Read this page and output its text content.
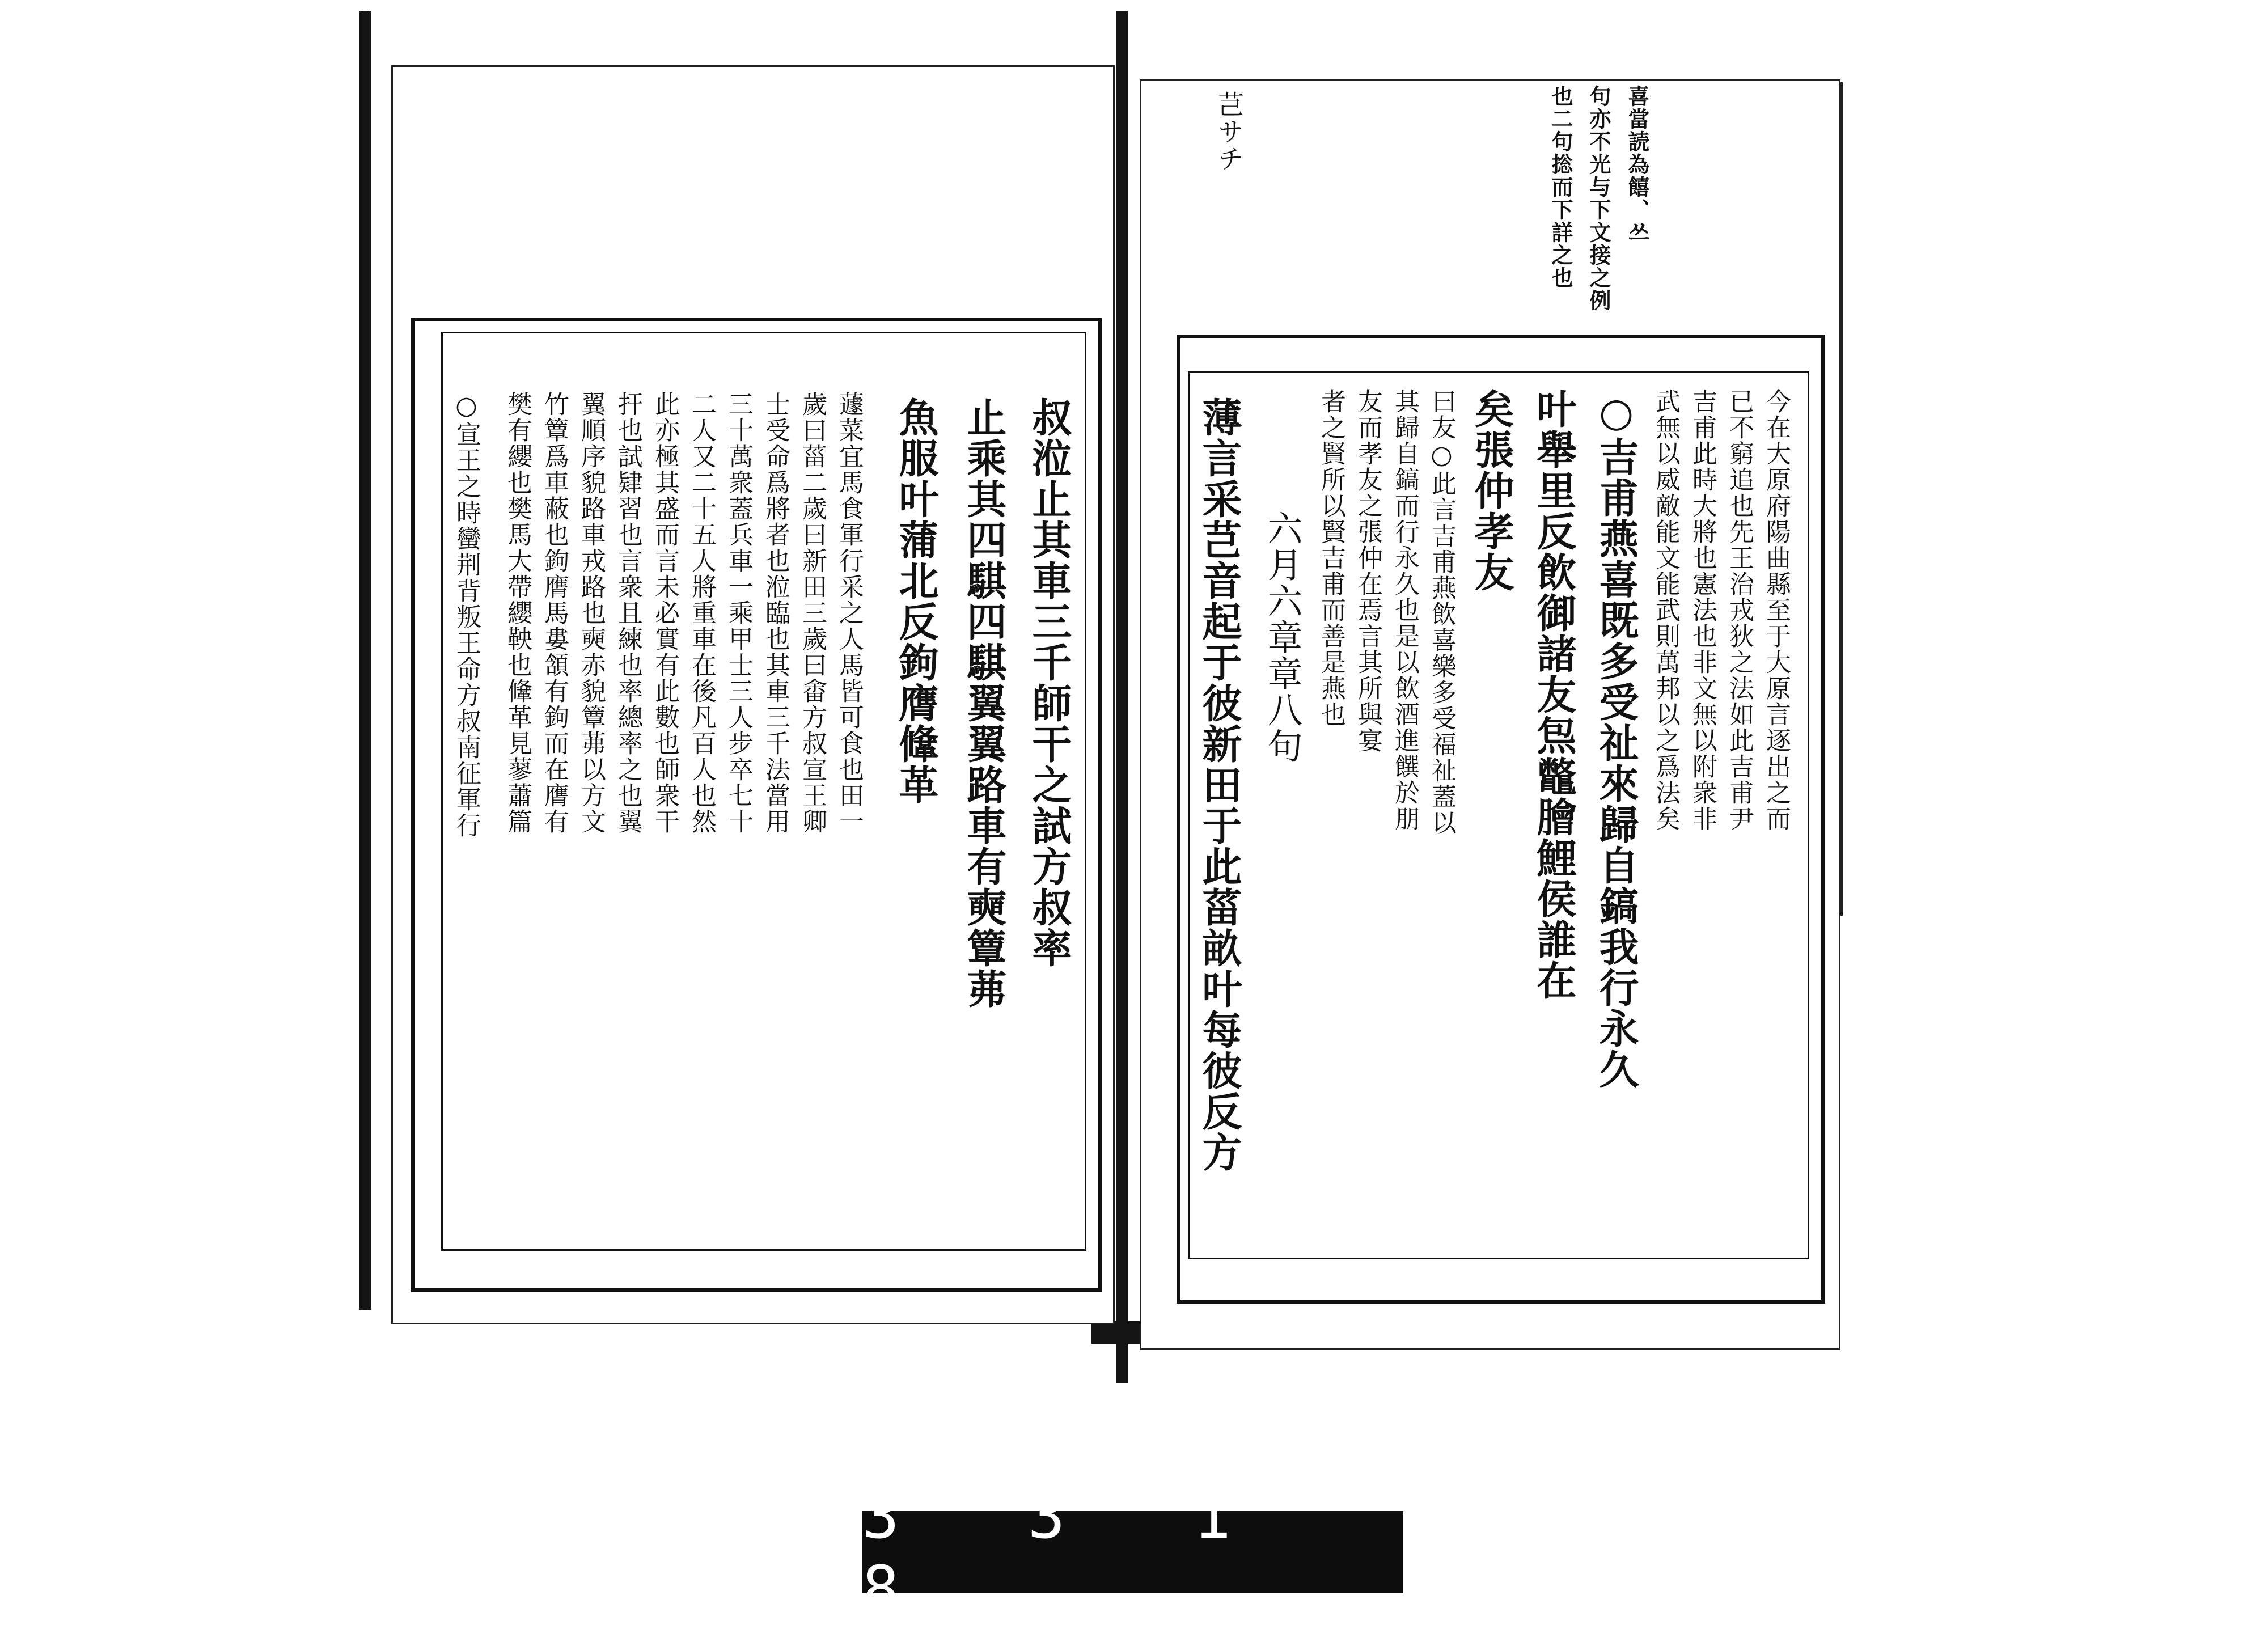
芑サチ	喜當読為饎、쓰
句亦不光与下文接之例
也二句捴而下詳之也
今在大原府陽曲縣至于大原言逐出之而
已不窮追也先王治戎狄之法如此吉甫尹
吉甫此時大將也憲法也非文無以附衆非
武無以威敵能文能武則萬邦以之爲法矣
○吉甫燕喜既多受祉來歸自鎬我行永久
叶舉里反飲御諸友炰鼈膾鯉侯誰在
矣張仲孝友
曰友○此言吉甫燕飲喜樂多受福祉蓋以
其歸自鎬而行永久也是以飲酒進饌於朋
友而孝友之張仲在焉言其所與宴
者之賢所以賢吉甫而善是燕也
六月六章章八句
薄言采芑音起于彼新田于此菑畝叶每彼反方
叔涖止其車三千師干之試方叔率
止乘其四騏四騏翼翼路車有奭簟茀
魚服叶蒲北反鉤膺鞗革
蘧菜宜馬食軍行采之人馬皆可食也田一
歲曰菑二歲曰新田三歲曰畬方叔宣王卿
士受命爲將者也涖臨也其車三千法當用
三十萬衆蓋兵車一乘甲士三人步卒七十
二人又二十五人將重車在後凡百人也然
此亦極其盛而言未必實有此數也師衆干
扞也試肄習也言衆且練也率總率之也翼
翼順序貌路車戎路也奭赤貌簟茀以方文
竹簟爲車蔽也鉤膺馬婁頷有鉤而在膺有
樊有纓也樊馬大帶纓鞅也鞗革見蓼蕭篇
○宣王之時蠻荆背叛王命方叔南征軍行
3 3 1 8
